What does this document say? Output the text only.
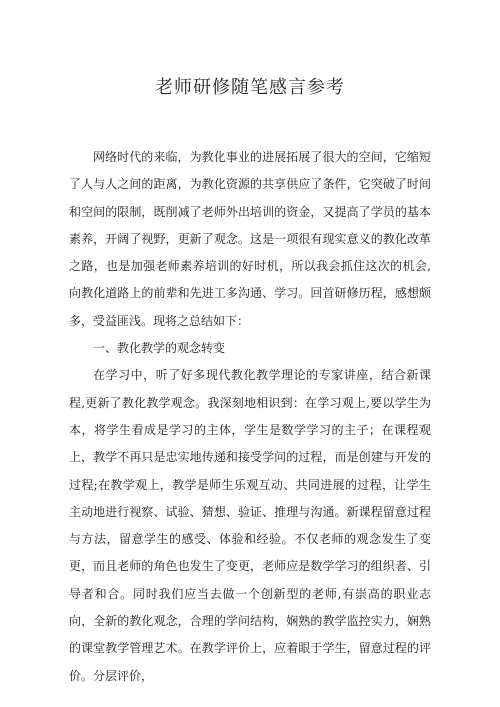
老师研修随笔感言参考

网络时代的来临，为教化事业的进展拓展了很大的空间，它缩短了人与人之间的距离，为教化资源的共享供应了条件，它突破了时间和空间的限制，既削减了老师外出培训的资金，又提高了学员的基本素养，开阔了视野，更新了观念。这是一项很有现实意义的教化改革之路，也是加强老师素养培训的好时机，所以我会抓住这次的机会,向教化道路上的前辈和先进工多沟通、学习。回首研修历程，感想颇多，受益匪浅。现将之总结如下：

一、教化教学的观念转变

在学习中，听了好多现代教化教学理论的专家讲座，结合新课程,更新了教化教学观念。我深刻地相识到：在学习观上,要以学生为本，将学生看成是学习的主体，学生是数学学习的主子；在课程观上，教学不再只是忠实地传递和接受学问的过程，而是创建与开发的过程;在教学观上，教学是师生乐观互动、共同进展的过程，让学生主动地进行视察、试验、猜想、验证、推理与沟通。新课程留意过程与方法，留意学生的感受、体验和经验。不仅老师的观念发生了变更，而且老师的角色也发生了变更，老师应是数学学习的组织者、引导者和合。同时我们应当去做一个创新型的老师,有崇高的职业志向，全新的教化观念，合理的学问结构，娴熟的教学监控实力，娴熟的课堂教学管理艺术。在教学评价上，应着眼于学生，留意过程的评价。分层评价，
